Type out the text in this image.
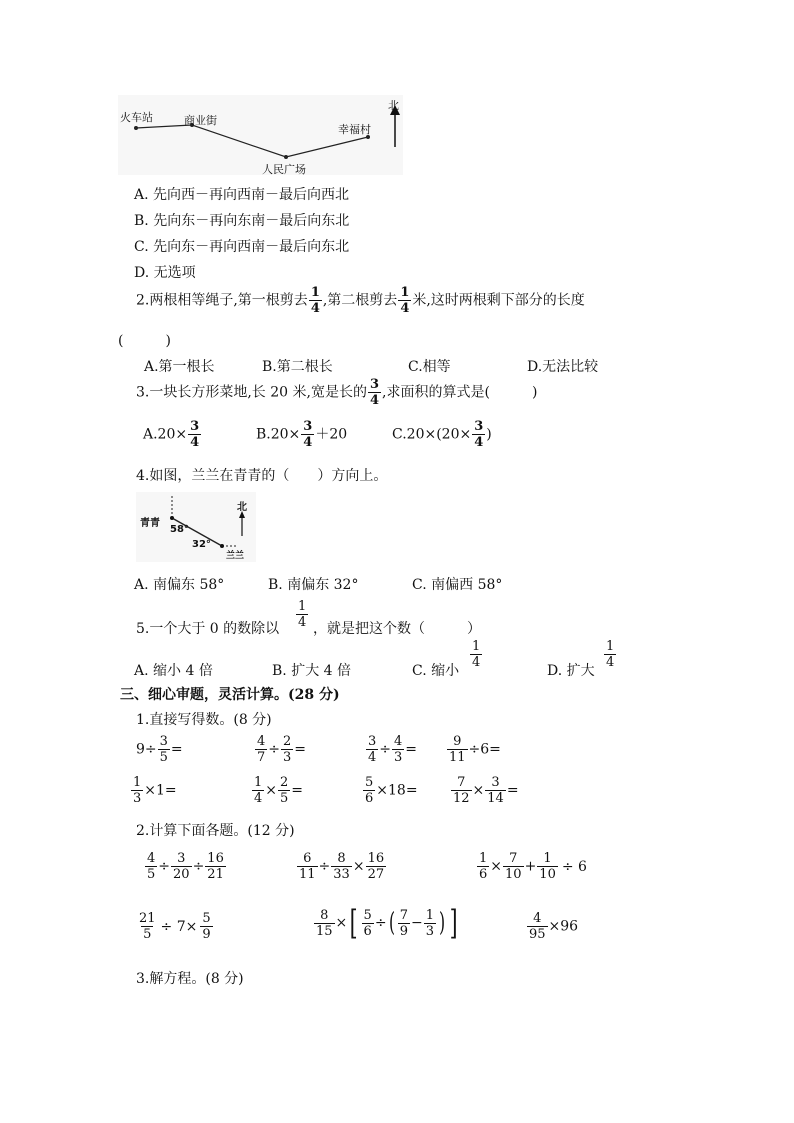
火车站	商业街
人民广场
幸福村
北
A. 先向西－再向西南－最后向西北
B. 先向东－再向东南－最后向东北
C. 先向东－再向西南－最后向东北
D. 无选项
2.两根相等绳子,第一根剪去 $\frac{1}{4}$ ,第二根剪去 $\frac{1}{4}$ 米,这时两根剩下部分的长度
(　　　)
A.第一根长	B.第二根长	C.相等	D.无法比较
3.一块长方形菜地,长 20 米,宽是长的 $\frac{3}{4}$ ,求面积的算式是(　　　)
$A.20\times \frac{3}{4}$	$B.20\times \frac{3}{4} +20$	$C.20\times(20\times \frac{3}{4}$ )
4.如图，兰兰在青青的（　　）方向上。
青青
58°
32°
兰兰
北
A. 南偏东 58°	B. 南偏东 32°	C. 南偏西 58°
5.一个大于 0 的数除以 $\frac{1}{4}$ ，就是把这个数（　　　）
A. 缩小 4 倍	B. 扩大 4 倍	C. 缩小
$\frac{1}{4}$
D. 扩大
$\frac{1}{4}$
三、细心审题，灵活计算。(28 分)
1.直接写得数。(8 分)
$9\div \frac{3}{5}$ =	$\frac{4}{7} \div \frac{2}{3}$ =	$\frac{3}{4} \div \frac{4}{3} = \frac{9}{11} \div 6=$
$\frac{1}{3} \times 1=$	$\frac{1}{4} \times \frac{2}{5}$ =	$\frac{5}{6} \times 18=$	$\frac{7}{12} \times \frac{3}{14}$ =
2.计算下面各题。(12 分)
$\frac{4}{5} \div \frac{3}{20} \div \frac{16}{21}$	$\frac{6}{11} \div \frac{8}{33} \times \frac{16}{27}$	$\frac{1}{6} \times \frac{7}{10} + \frac{1}{10} \div 6$
$\frac{21}{5} \div 7\times \frac{5}{9}$	$\frac{8}{15}$ ×[ $\frac{5}{6}$ ÷( $\frac{7}{9} - \frac{1}{3}$ ) ]	$\frac{4}{95} \times 96$
3.解方程。(8 分)
